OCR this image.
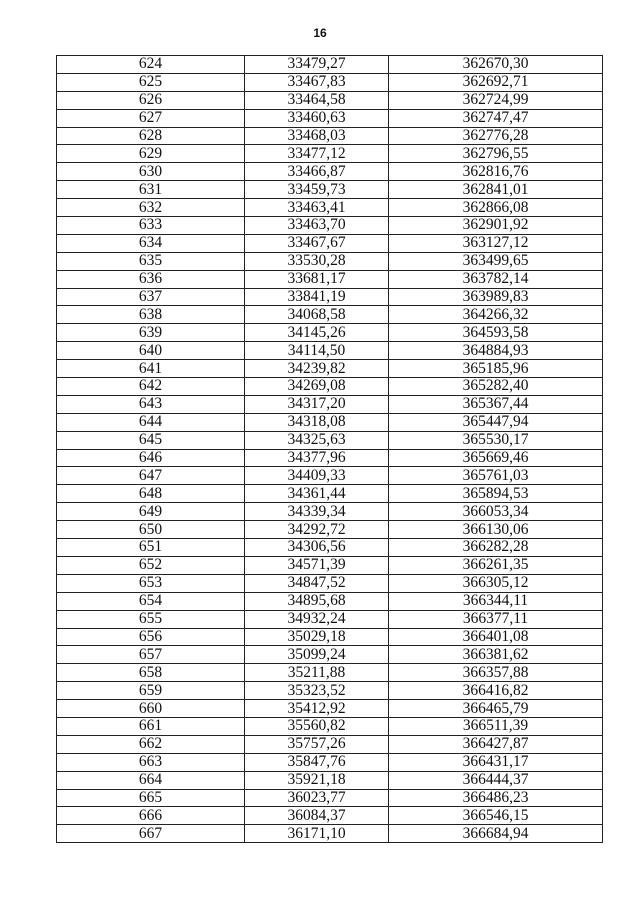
16
624	33479,27	362670,30
625	33467,83	362692,71
626	33464,58	362724,99
627	33460,63	362747,47
628	33468,03	362776,28
629	33477,12	362796,55
630	33466,87	362816,76
631	33459,73	362841,01
632	33463,41	362866,08
633	33463,70	362901,92
634	33467,67	363127,12
635	33530,28	363499,65
636	33681,17	363782,14
637	33841,19	363989,83
638	34068,58	364266,32
639	34145,26	364593,58
640	34114,50	364884,93
641	34239,82	365185,96
642	34269,08	365282,40
643	34317,20	365367,44
644	34318,08	365447,94
645	34325,63	365530,17
646	34377,96	365669,46
647	34409,33	365761,03
648	34361,44	365894,53
649	34339,34	366053,34
650	34292,72	366130,06
651	34306,56	366282,28
652	34571,39	366261,35
653	34847,52	366305,12
654	34895,68	366344,11
655	34932,24	366377,11
656	35029,18	366401,08
657	35099,24	366381,62
658	35211,88	366357,88
659	35323,52	366416,82
660	35412,92	366465,79
661	35560,82	366511,39
662	35757,26	366427,87
663	35847,76	366431,17
664	35921,18	366444,37
665	36023,77	366486,23
666	36084,37	366546,15
667	36171,10	366684,94
